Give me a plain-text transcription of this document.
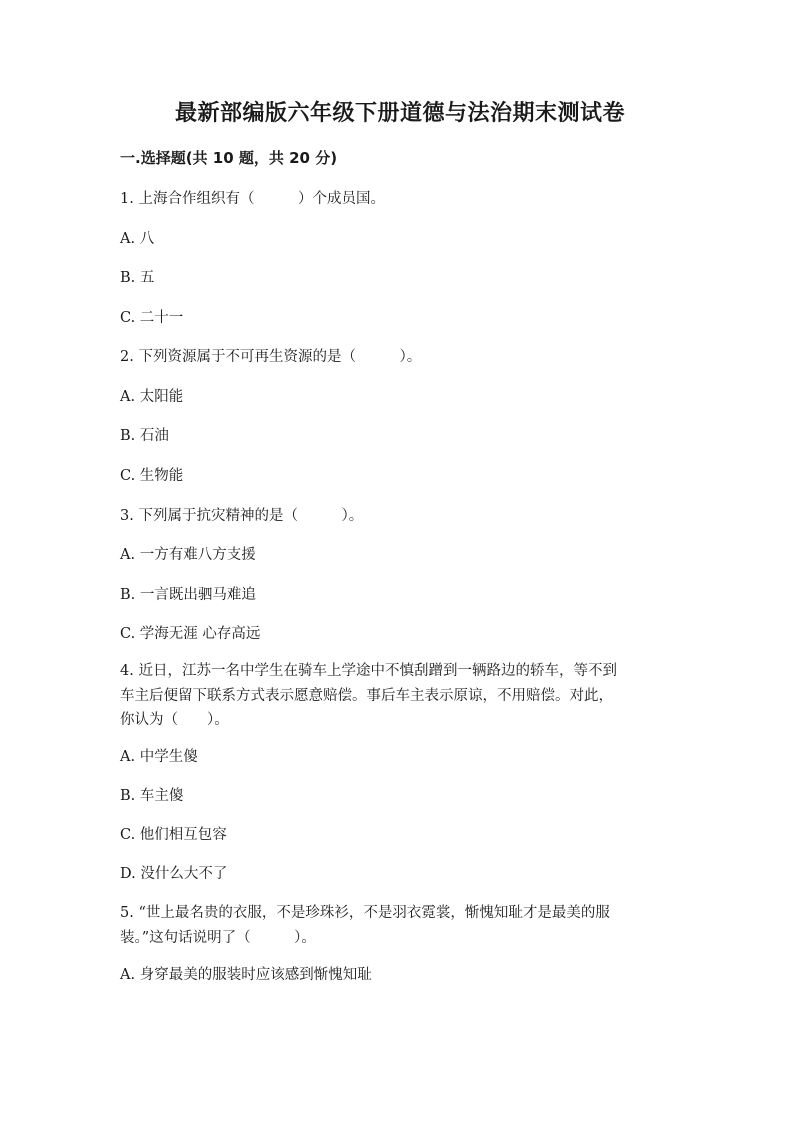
最新部编版六年级下册道德与法治期末测试卷
一.选择题(共 10 题，共 20 分)
1. 上海合作组织有（　　　）个成员国。
A. 八
B. 五
C. 二十一
2. 下列资源属于不可再生资源的是（　　　）。
A. 太阳能
B. 石油
C. 生物能
3. 下列属于抗灾精神的是（　　　）。
A. 一方有难八方支援
B. 一言既出驷马难追
C. 学海无涯 心存高远
4. 近日，江苏一名中学生在骑车上学途中不慎刮蹭到一辆路边的轿车，等不到
车主后便留下联系方式表示愿意赔偿。事后车主表示原谅，不用赔偿。对此，
你认为（　　）。
A. 中学生傻
B. 车主傻
C. 他们相互包容
D. 没什么大不了
5. “世上最名贵的衣服，不是珍珠衫，不是羽衣霓裳，惭愧知耻才是最美的服
装。”这句话说明了（　　　）。
A. 身穿最美的服装时应该感到惭愧知耻
